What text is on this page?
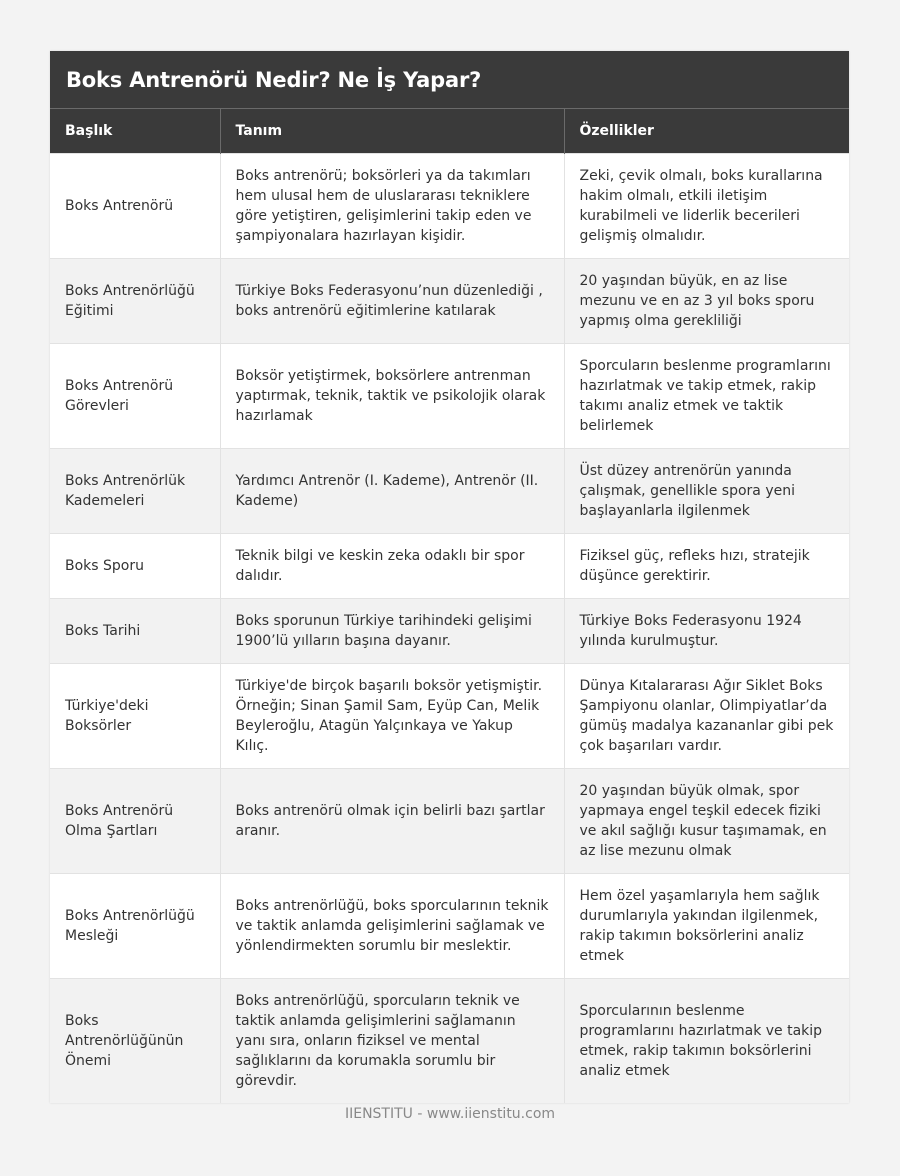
Boks Antrenörü Nedir? Ne İş Yapar?
Başlık	Tanım	Özellikler
Boks Antrenörü	Boks antrenörü; boksörleri ya da takımları hem ulusal hem de uluslararası tekniklere göre yetiştiren, gelişimlerini takip eden ve şampiyonalara hazırlayan kişidir.	Zeki, çevik olmalı, boks kurallarına hakim olmalı, etkili iletişim kurabilmeli ve liderlik becerileri gelişmiş olmalıdır.
Boks Antrenörlüğü Eğitimi	Türkiye Boks Federasyonu’nun düzenlediği , boks antrenörü eğitimlerine katılarak	20 yaşından büyük, en az lise mezunu ve en az 3 yıl boks sporu yapmış olma gerekliliği
Boks Antrenörü Görevleri	Boksör yetiştirmek, boksörlere antrenman yaptırmak, teknik, taktik ve psikolojik olarak hazırlamak	Sporcuların beslenme programlarını hazırlatmak ve takip etmek, rakip takımı analiz etmek ve taktik belirlemek
Boks Antrenörlük Kademeleri	Yardımcı Antrenör (I. Kademe), Antrenör (II. Kademe)	Üst düzey antrenörün yanında çalışmak, genellikle spora yeni başlayanlarla ilgilenmek
Boks Sporu	Teknik bilgi ve keskin zeka odaklı bir spor dalıdır.	Fiziksel güç, refleks hızı, stratejik düşünce gerektirir.
Boks Tarihi	Boks sporunun Türkiye tarihindeki gelişimi 1900’lü yılların başına dayanır.	Türkiye Boks Federasyonu 1924 yılında kurulmuştur.
Türkiye'deki Boksörler	Türkiye'de birçok başarılı boksör yetişmiştir. Örneğin; Sinan Şamil Sam, Eyüp Can, Melik Beyleroğlu, Atagün Yalçınkaya ve Yakup Kılıç.	Dünya Kıtalararası Ağır Siklet Boks Şampiyonu olanlar, Olimpiyatlar’da gümüş madalya kazananlar gibi pek çok başarıları vardır.
Boks Antrenörü Olma Şartları	Boks antrenörü olmak için belirli bazı şartlar aranır.	20 yaşından büyük olmak, spor yapmaya engel teşkil edecek fiziki ve akıl sağlığı kusur taşımamak, en az lise mezunu olmak
Boks Antrenörlüğü Mesleği	Boks antrenörlüğü, boks sporcularının teknik ve taktik anlamda gelişimlerini sağlamak ve yönlendirmekten sorumlu bir meslektir.	Hem özel yaşamlarıyla hem sağlık durumlarıyla yakından ilgilenmek, rakip takımın boksörlerini analiz etmek
Boks Antrenörlüğünün Önemi	Boks antrenörlüğü, sporcuların teknik ve taktik anlamda gelişimlerini sağlamanın yanı sıra, onların fiziksel ve mental sağlıklarını da korumakla sorumlu bir görevdir.	Sporcularının beslenme programlarını hazırlatmak ve takip etmek, rakip takımın boksörlerini analiz etmek
IIENSTITU - www.iienstitu.com
